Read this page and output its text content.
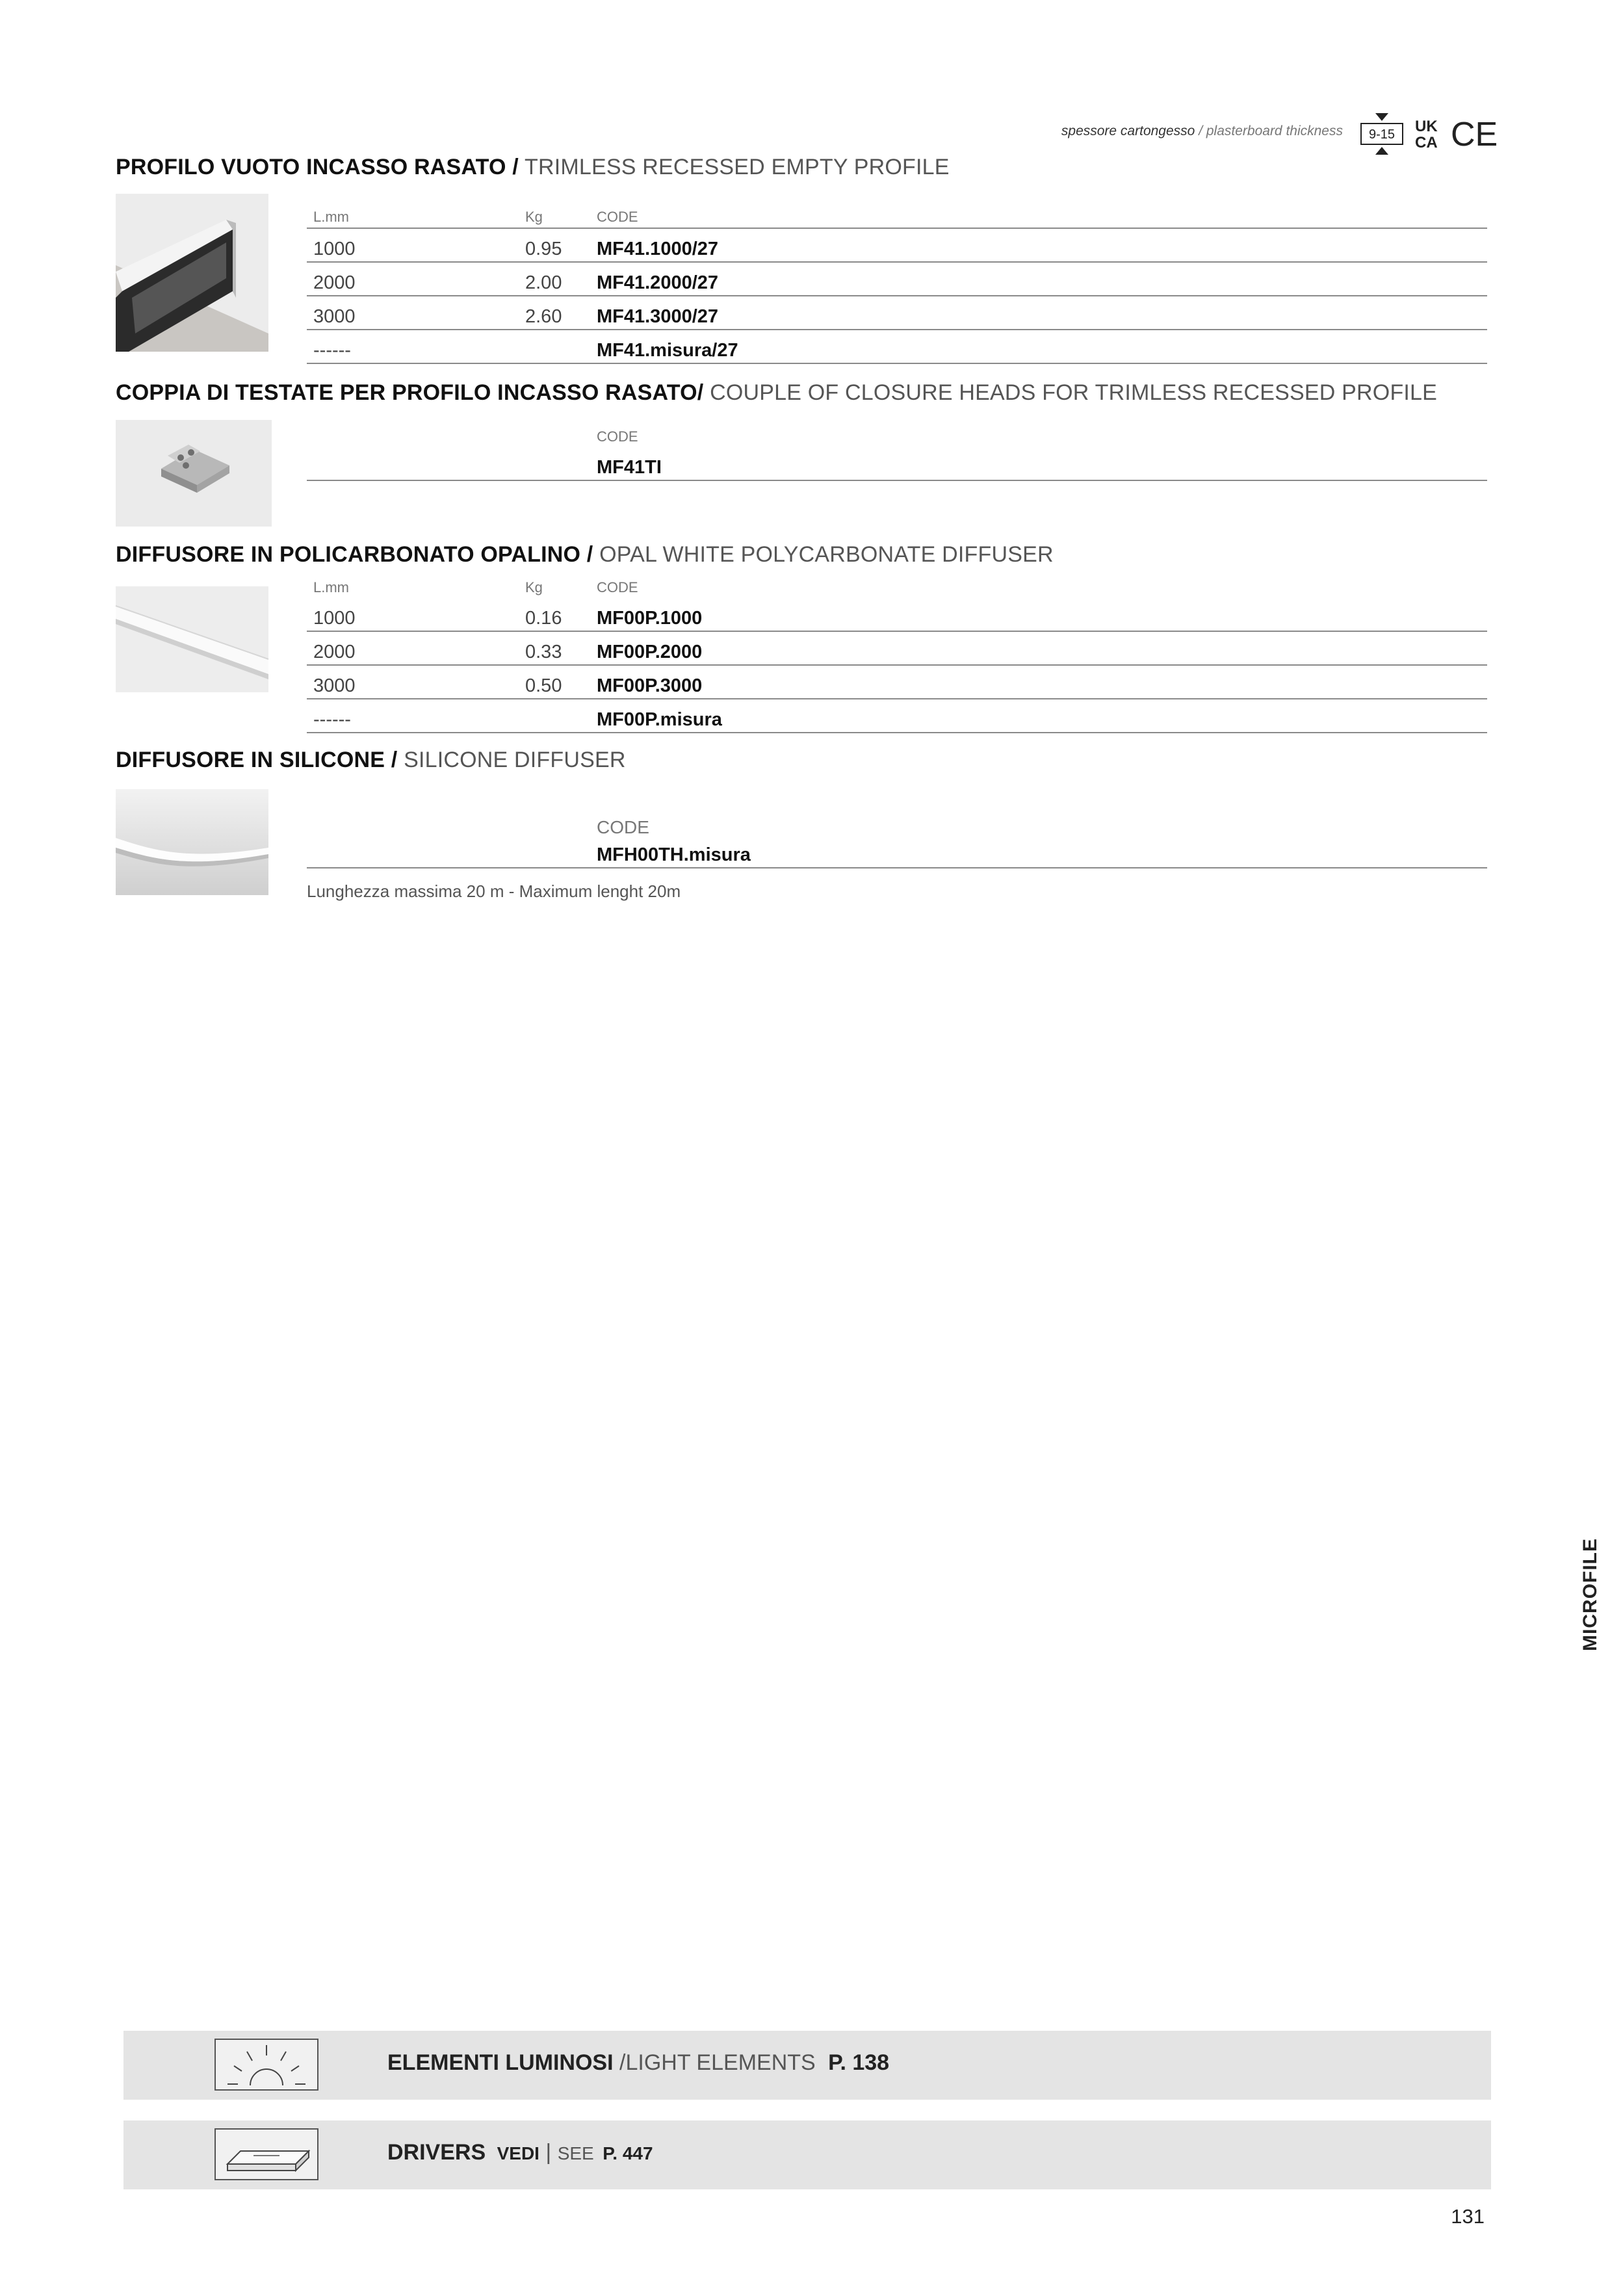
spessore cartongesso / plasterboard thickness 9-15 UK
CA CE
PROFILO VUOTO INCASSO RASATO / TRIMLESS RECESSED EMPTY PROFILE
L.mm	Kg	CODE
1000	0.95 MF41.1000/27
2000	2.00 MF41.2000/27
3000	2.60 MF41.3000/27
------	MF41.misura/27
COPPIA DI TESTATE PER PROFILO INCASSO RASATO/ COUPLE OF CLOSURE HEADS FOR TRIMLESS RECESSED PROFILE
CODE
MF41TI
DIFFUSORE IN POLICARBONATO OPALINO / OPAL WHITE POLYCARBONATE DIFFUSER
L.mm	Kg	CODE
1000	0.16 MF00P.1000
2000	0.33 MF00P.2000
3000	0.50 MF00P.3000
------	MF00P.misura
DIFFUSORE IN SILICONE / SILICONE DIFFUSER
CODE
MFH00TH.misura
Lunghezza massima 20 m - Maximum lenght 20m
MICROFILE
ELEMENTI LUMINOSI /LIGHT ELEMENTS P. 138
DRIVERS VEDI | SEE P. 447
131
